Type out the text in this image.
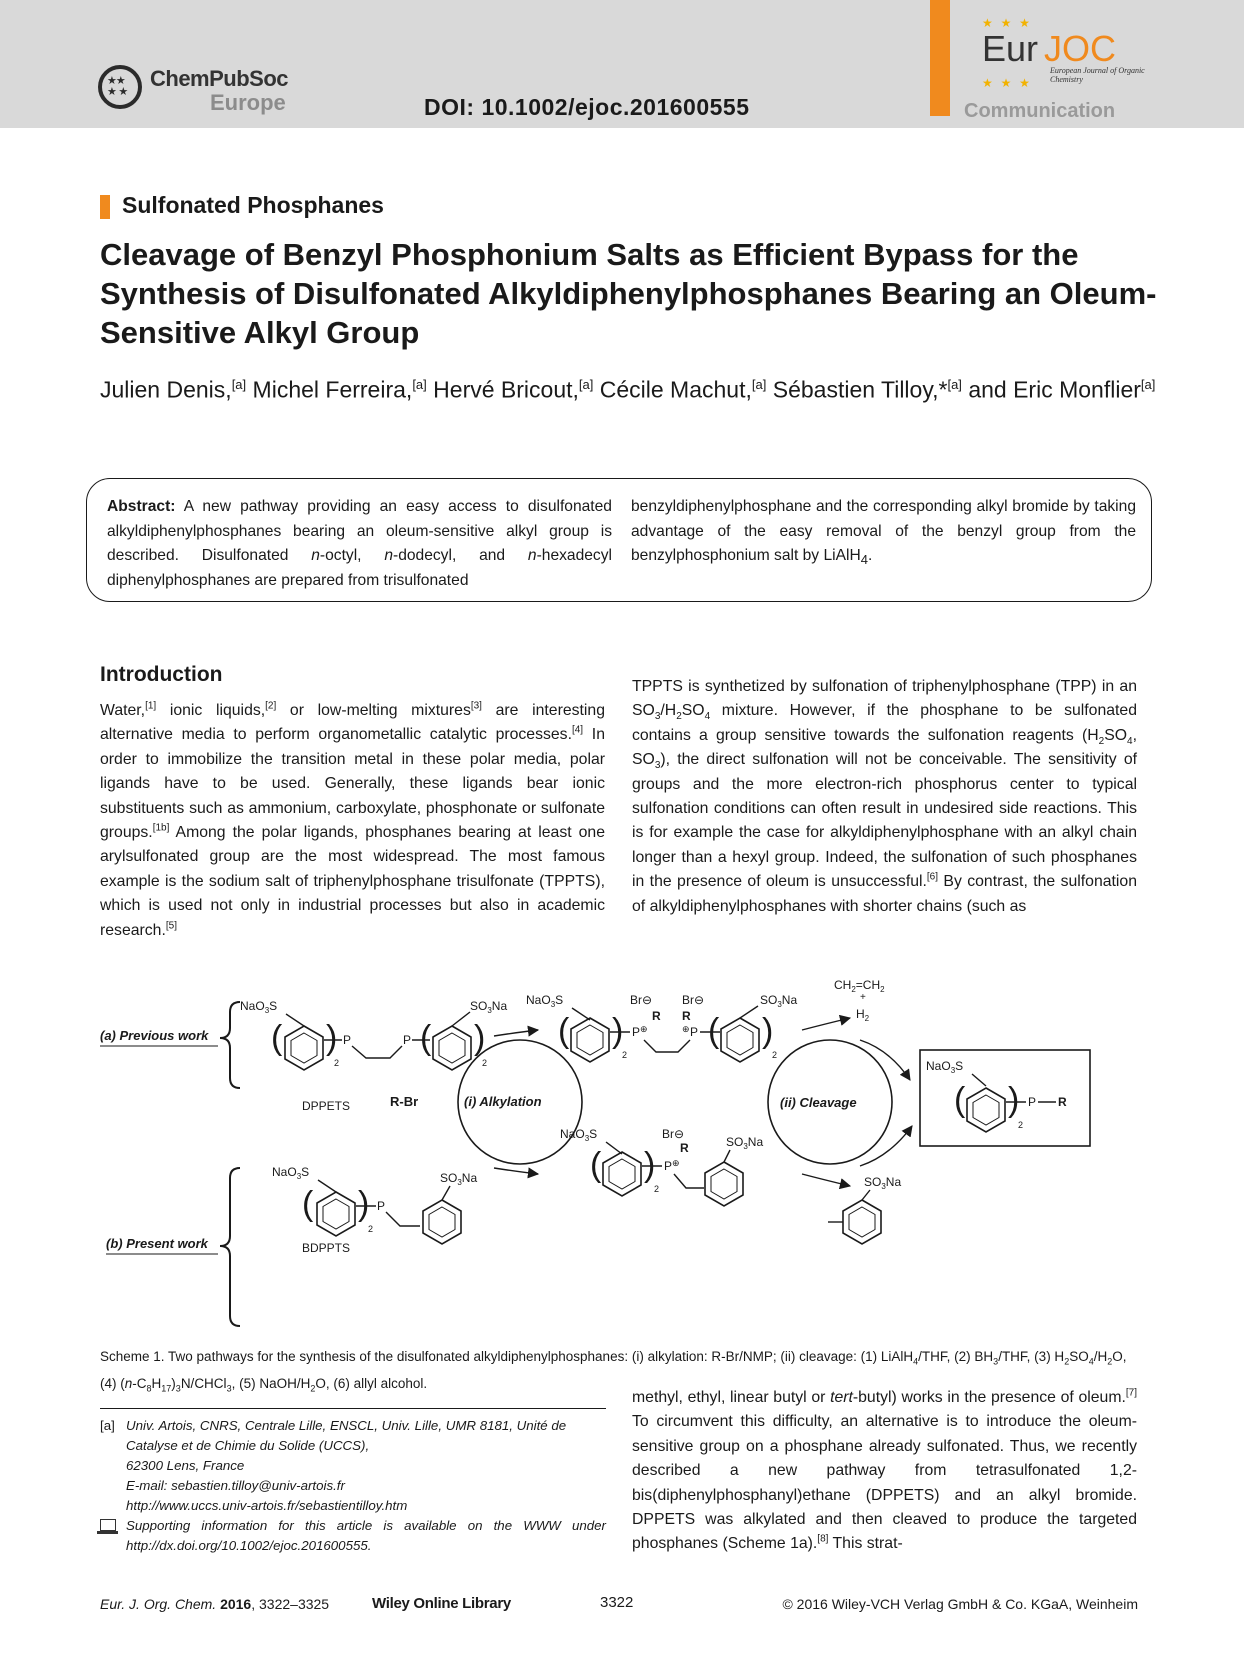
★★
★ ★
ChemPubSoc
Europe	DOI: 10.1002/ejoc.201600555
★ ★ ★
Eur JOC
European Journal of Organic Chemistry
★ ★ ★
Communication
Sulfonated Phosphanes
Cleavage of Benzyl Phosphonium Salts as Efficient Bypass for the Synthesis of Disulfonated Alkyldiphenylphosphanes Bearing an Oleum-Sensitive Alkyl Group

Julien Denis,[a] Michel Ferreira,[a] Hervé Bricout,[a] Cécile Machut,[a] Sébastien Tilloy,*[a] and Eric Monflier[a]

Abstract: A new pathway providing an easy access to disulfonated alkyldiphenylphosphanes bearing an oleum-sensitive alkyl group is described. Disulfonated n-octyl, n-dodecyl, and n-hexadecyl diphenylphosphanes are prepared from trisulfonated

benzyldiphenylphosphane and the corresponding alkyl bromide by taking advantage of the easy removal of the benzyl group from the benzylphosphonium salt by LiAlH$_4$.

Introduction

Water,[1] ionic liquids,[2] or low-melting mixtures[3] are interesting alternative media to perform organometallic catalytic processes.[4] In order to immobilize the transition metal in these polar media, polar ligands have to be used. Generally, these ligands bear ionic substituents such as ammonium, carboxylate, phosphonate or sulfonate groups.[1b] Among the polar ligands, phosphanes bearing at least one arylsulfonated group are the most widespread. The most famous example is the sodium salt of triphenylphosphane trisulfonate (TPPTS), which is used not only in industrial processes but also in academic research.[5]

TPPTS is synthetized by sulfonation of triphenylphosphane (TPP) in an $SO_3/H_2SO_4$ mixture. However, if the phosphane to be sulfonated contains a group sensitive towards the sulfonation reagents ($H_2SO_4$, $SO_3$), the direct sulfonation will not be conceivable. The sensitivity of groups and the more electron-rich phosphorus center to typical sulfonation conditions can often result in undesired side reactions. This is for example the case for alkyldiphenylphosphane with an alkyl chain longer than a hexyl group. Indeed, the sulfonation of such phosphanes in the presence of oleum is unsuccessful.[6] By contrast, the sulfonation of alkyldiphenylphosphanes with shorter chains (such as

(a) Previous work
(b) Present work
NaO$_3$S
( )
2
P	P ( )
2
$SO_3Na$
DPPETS
NaO$_3$S
( )
2
P
$SO_3Na$
BDPPTS
(i) Alkylation
R-Br
NaO$_3$S
( )
2
P ⊕
Br⊖ Br⊖
R R
⊕ P ( )
2
$SO_3Na$
NaO$_3$S
( )
2
P ⊕
Br⊖
R	$SO_3Na$
(ii) Cleavage
$CH_2=CH_2$
+
$H_2$
$SO_3Na$
NaO$_3$S
( )
2
P R

Scheme 1. Two pathways for the synthesis of the disulfonated alkyldiphenylphosphanes: (i) alkylation: R-Br/NMP; (ii) cleavage: (1) LiAlH$_4$/THF, (2) $BH_3$/THF, (3) $H_2SO_4/H_2O$, (4) $(n-C_8H_{17})_3N/CHCl_3$, (5) NaOH/$H_2O$, (6) allyl alcohol.

methyl, ethyl, linear butyl or tert-butyl) works in the presence of oleum.[7] To circumvent this difficulty, an alternative is to introduce the oleum-sensitive group on a phosphane already sulfonated. Thus, we recently described a new pathway from tetrasulfonated 1,2-bis(diphenylphosphanyl)ethane (DPPETS) and an alkyl bromide. DPPETS was alkylated and then cleaved to produce the targeted phosphanes (Scheme 1a).[8] This strat-

[a] Univ. Artois, CNRS, Centrale Lille, ENSCL, Univ. Lille, UMR 8181, Unité de
Catalyse et de Chimie du Solide (UCCS),
62300 Lens, France
E-mail: sebastien.tilloy@univ-artois.fr
http://www.uccs.univ-artois.fr/sebastientilloy.htm

Supporting information for this article is available on the WWW under http://dx.doi.org/10.1002/ejoc.201600555.

Eur. J. Org. Chem. 2016, 3322–3325	Wiley Online Library	3322	© 2016 Wiley-VCH Verlag GmbH & Co. KGaA, Weinheim
